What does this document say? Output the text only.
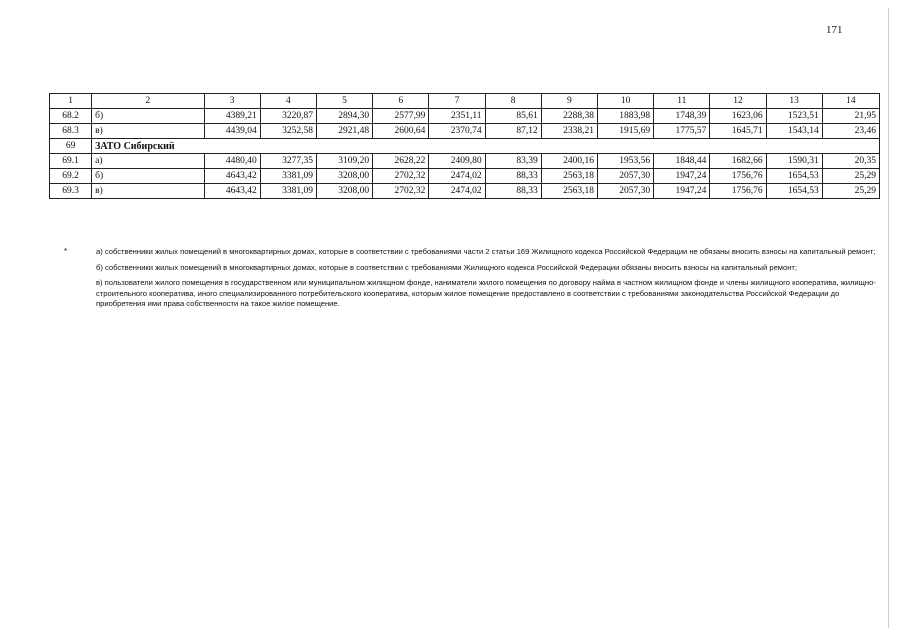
171
1	2	3	4	5	6	7	8	9	10	11	12	13	14
68.2	б)	4389,21	3220,87	2894,30	2577,99	2351,11	85,61	2288,38	1883,98	1748,39	1623,06	1523,51	21,95
68.3	в)	4439,04	3252,58	2921,48	2600,64	2370,74	87,12	2338,21	1915,69	1775,57	1645,71	1543,14	23,46
69	ЗАТО Сибирский												
69.1	а)	4480,40	3277,35	3109,20	2628,22	2409,80	83,39	2400,16	1953,56	1848,44	1682,66	1590,31	20,35
69.2	б)	4643,42	3381,09	3208,00	2702,32	2474,02	88,33	2563,18	2057,30	1947,24	1756,76	1654,53	25,29
69.3	в)	4643,42	3381,09	3208,00	2702,32	2474,02	88,33	2563,18	2057,30	1947,24	1756,76	1654,53	25,29
*	а) собственники жилых помещений в многоквартирных домах, которые в соответствии с требованиями части 2 статьи 169 Жилищного кодекса Российской Федерации не обязаны вносить взносы на капитальный ремонт;

б) собственники жилых помещений в многоквартирных домах, которые в соответствии с требованиями Жилищного кодекса Российской Федерации обязаны вносить взносы на капитальный ремонт;

в) пользователи жилого помещения в государственном или муниципальном жилищном фонде, наниматели жилого помещения по договору найма в частном жилищном фонде и члены жилищного кооператива, жилищно-строительного кооператива, иного специализированного потребительского кооператива, которым жилое помещение предоставлено в соответствии с требованиями законодательства Российской Федерации до приобретения ими права собственности на такое жилое помещение.
